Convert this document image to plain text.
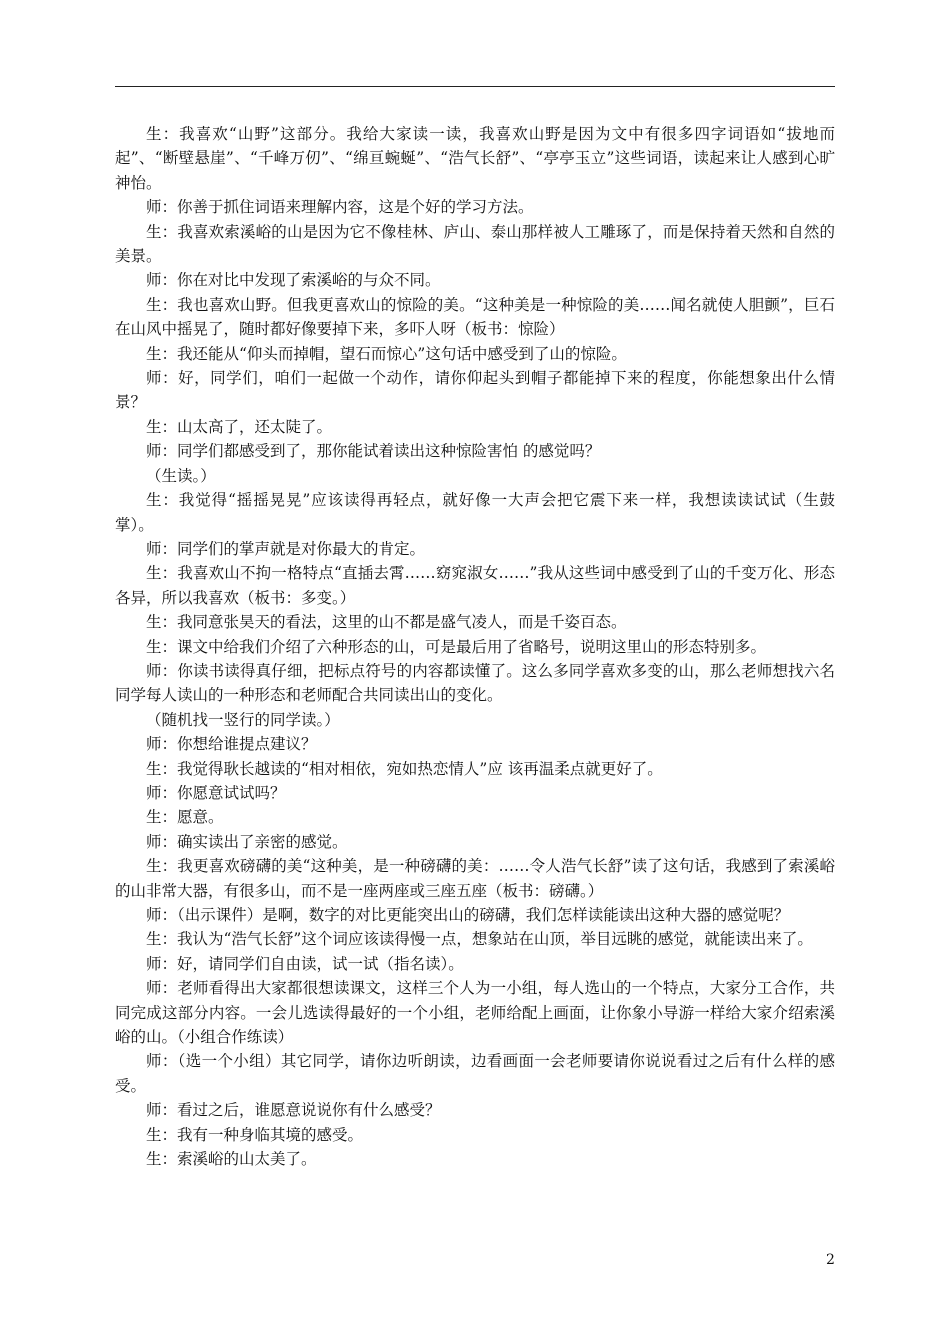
生：我喜欢“山野”这部分。我给大家读一读，我喜欢山野是因为文中有很多四字词语如“拔地而起”、“断壁悬崖”、“千峰万仞”、“绵亘蜿蜒”、“浩气长舒”、“亭亭玉立”这些词语，读起来让人感到心旷神怡。

师：你善于抓住词语来理解内容，这是个好的学习方法。

生：我喜欢索溪峪的山是因为它不像桂林、庐山、泰山那样被人工雕琢了，而是保持着天然和自然的美景。

师：你在对比中发现了索溪峪的与众不同。

生：我也喜欢山野。但我更喜欢山的惊险的美。“这种美是一种惊险的美……闻名就使人胆颤”，巨石在山风中摇晃了，随时都好像要掉下来，多吓人呀（板书：惊险）

生：我还能从“仰头而掉帽，望石而惊心”这句话中感受到了山的惊险。

师：好，同学们，咱们一起做一个动作，请你仰起头到帽子都能掉下来的程度，你能想象出什么情景？

生：山太高了，还太陡了。

师：同学们都感受到了，那你能试着读出这种惊险害怕 的感觉吗？

（生读。）

生：我觉得“摇摇晃晃”应该读得再轻点，就好像一大声会把它震下来一样，我想读读试试（生鼓掌）。

师：同学们的掌声就是对你最大的肯定。

生：我喜欢山不拘一格特点“直插去霄……窈窕淑女……”我从这些词中感受到了山的千变万化、形态各异，所以我喜欢（板书：多变。）

生：我同意张昊天的看法，这里的山不都是盛气凌人，而是千姿百态。

生：课文中给我们介绍了六种形态的山，可是最后用了省略号，说明这里山的形态特别多。

师：你读书读得真仔细，把标点符号的内容都读懂了。这么多同学喜欢多变的山，那么老师想找六名同学每人读山的一种形态和老师配合共同读出山的变化。

（随机找一竖行的同学读。）

师：你想给谁提点建议？

生：我觉得耿长越读的“相对相依，宛如热恋情人”应 该再温柔点就更好了。

师：你愿意试试吗？

生：愿意。

师：确实读出了亲密的感觉。

生：我更喜欢磅礴的美“这种美，是一种磅礴的美：……令人浩气长舒”读了这句话，我感到了索溪峪的山非常大器，有很多山，而不是一座两座或三座五座（板书：磅礴。）

师：（出示课件）是啊，数字的对比更能突出山的磅礴，我们怎样读能读出这种大器的感觉呢？

生：我认为“浩气长舒”这个词应该读得慢一点，想象站在山顶，举目远眺的感觉，就能读出来了。

师：好，请同学们自由读，试一试（指名读）。

师：老师看得出大家都很想读课文，这样三个人为一小组，每人选山的一个特点，大家分工合作，共同完成这部分内容。一会儿选读得最好的一个小组，老师给配上画面，让你象小导游一样给大家介绍索溪峪的山。（小组合作练读）

师：（选一个小组）其它同学，请你边听朗读，边看画面一会老师要请你说说看过之后有什么样的感受。

师：看过之后，谁愿意说说你有什么感受？

生：我有一种身临其境的感受。

生：索溪峪的山太美了。

2
